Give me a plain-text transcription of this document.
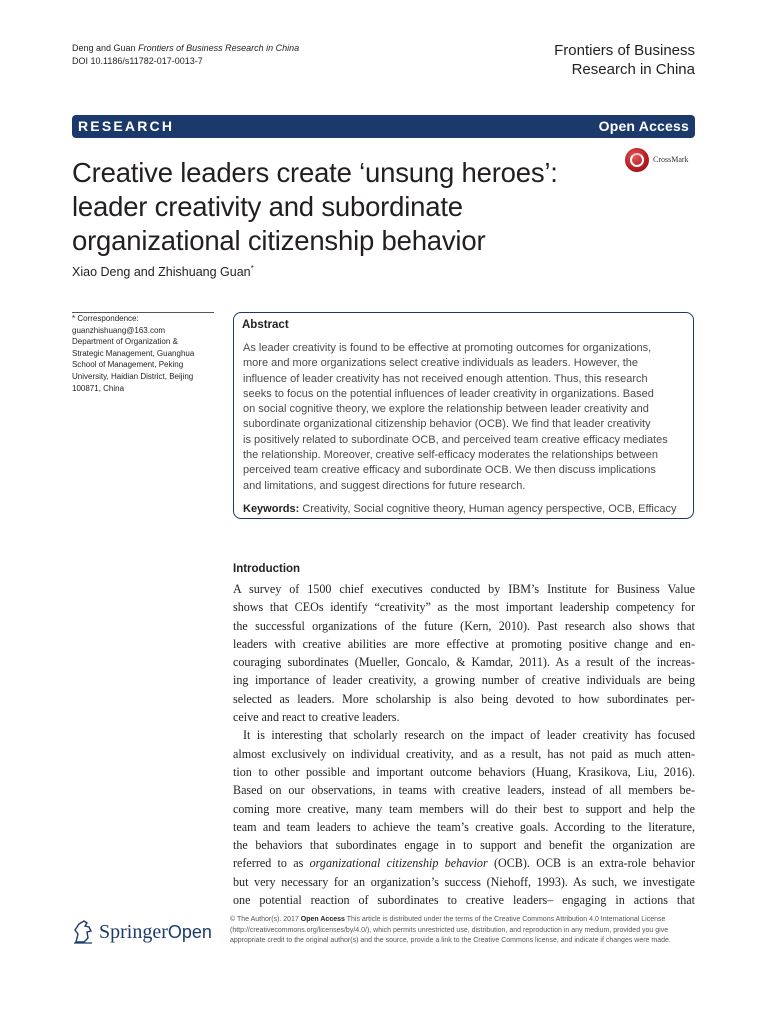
Deng and Guan Frontiers of Business Research in China
DOI 10.1186/s11782-017-0013-7
Frontiers of Business
Research in China
RESEARCH	Open Access
CrossMark
Creative leaders create ‘unsung heroes’:
leader creativity and subordinate
organizational citizenship behavior
Xiao Deng and Zhishuang Guan*
* Correspondence:
guanzhishuang@163.com
Department of Organization &
Strategic Management, Guanghua
School of Management, Peking
University, Haidian District, Beijing
100871, China
Abstract
As leader creativity is found to be effective at promoting outcomes for organizations,
more and more organizations select creative individuals as leaders. However, the
influence of leader creativity has not received enough attention. Thus, this research
seeks to focus on the potential influences of leader creativity in organizations. Based
on social cognitive theory, we explore the relationship between leader creativity and
subordinate organizational citizenship behavior (OCB). We find that leader creativity
is positively related to subordinate OCB, and perceived team creative efficacy mediates
the relationship. Moreover, creative self-efficacy moderates the relationships between
perceived team creative efficacy and subordinate OCB. We then discuss implications
and limitations, and suggest directions for future research.
Keywords: Creativity, Social cognitive theory, Human agency perspective, OCB, Efficacy
Introduction
A survey of 1500 chief executives conducted by IBM’s Institute for Business Value
shows that CEOs identify “creativity” as the most important leadership competency for
the successful organizations of the future (Kern, 2010). Past research also shows that
leaders with creative abilities are more effective at promoting positive change and en-
couraging subordinates (Mueller, Goncalo, & Kamdar, 2011). As a result of the increas-
ing importance of leader creativity, a growing number of creative individuals are being
selected as leaders. More scholarship is also being devoted to how subordinates per-
ceive and react to creative leaders.
It is interesting that scholarly research on the impact of leader creativity has focused
almost exclusively on individual creativity, and as a result, has not paid as much atten-
tion to other possible and important outcome behaviors (Huang, Krasikova, Liu, 2016).
Based on our observations, in teams with creative leaders, instead of all members be-
coming more creative, many team members will do their best to support and help the
team and team leaders to achieve the team’s creative goals. According to the literature,
the behaviors that subordinates engage in to support and benefit the organization are
referred to as organizational citizenship behavior (OCB). OCB is an extra-role behavior
but very necessary for an organization’s success (Niehoff, 1993). As such, we investigate
one potential reaction of subordinates to creative leaders– engaging in actions that
SpringerOpen
© The Author(s). 2017 Open Access This article is distributed under the terms of the Creative Commons Attribution 4.0 International License (http://creativecommons.org/licenses/by/4.0/), which permits unrestricted use, distribution, and reproduction in any medium, provided you give appropriate credit to the original author(s) and the source, provide a link to the Creative Commons license, and indicate if changes were made.
